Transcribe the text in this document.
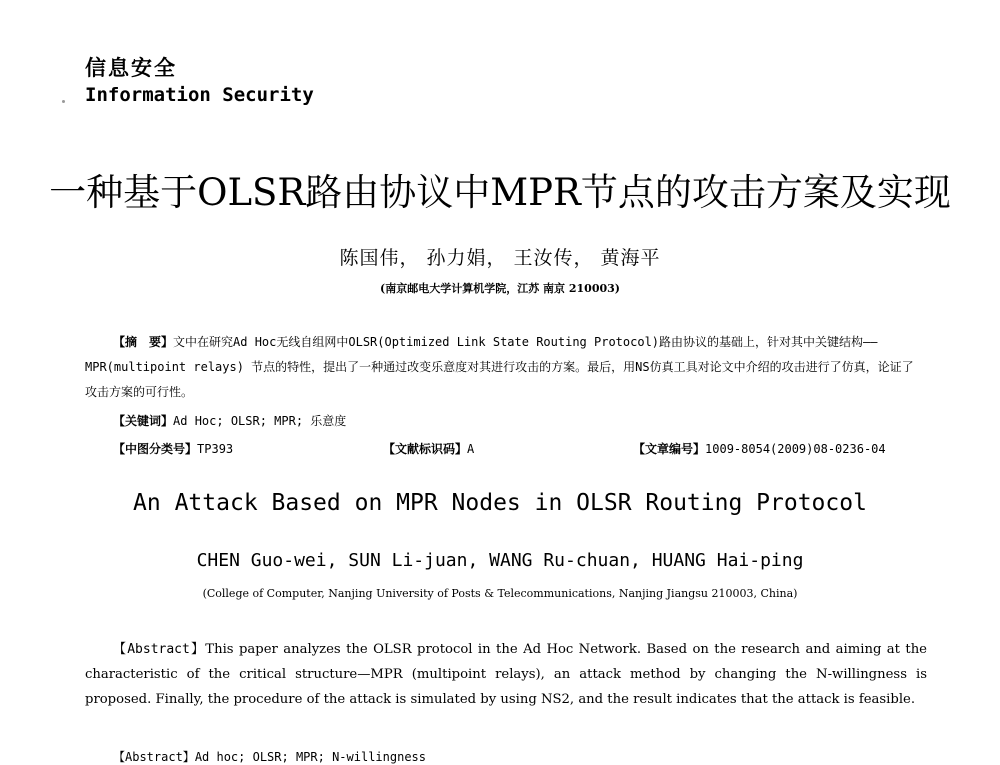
信息安全
Information Security
一种基于OLSR路由协议中MPR节点的攻击方案及实现
陈国伟， 孙力娟， 王汝传， 黄海平
(南京邮电大学计算机学院，江苏 南京 210003)
【摘　要】文中在研究Ad Hoc无线自组网中OLSR(Optimized Link State Routing Protocol)路由协议的基础上，针对其中关键结构——MPR(multipoint relays) 节点的特性，提出了一种通过改变乐意度对其进行攻击的方案。最后，用NS仿真工具对论文中介绍的攻击进行了仿真，论证了攻击方案的可行性。
【关键词】Ad Hoc; OLSR; MPR; 乐意度
【中图分类号】TP393	【文献标识码】A	【文章编号】1009-8054(2009)08-0236-04
An Attack Based on MPR Nodes in OLSR Routing Protocol
CHEN Guo-wei, SUN Li-juan, WANG Ru-chuan, HUANG Hai-ping
(College of Computer, Nanjing University of Posts & Telecommunications, Nanjing Jiangsu 210003, China)
【Abstract】This paper analyzes the OLSR protocol in the Ad Hoc Network. Based on the research and aiming at the characteristic of the critical structure—MPR (multipoint relays), an attack method by changing the N-willingness is proposed. Finally, the procedure of the attack is simulated by using NS2, and the result indicates that the attack is feasible.
【Abstract】Ad hoc; OLSR; MPR; N-willingness
